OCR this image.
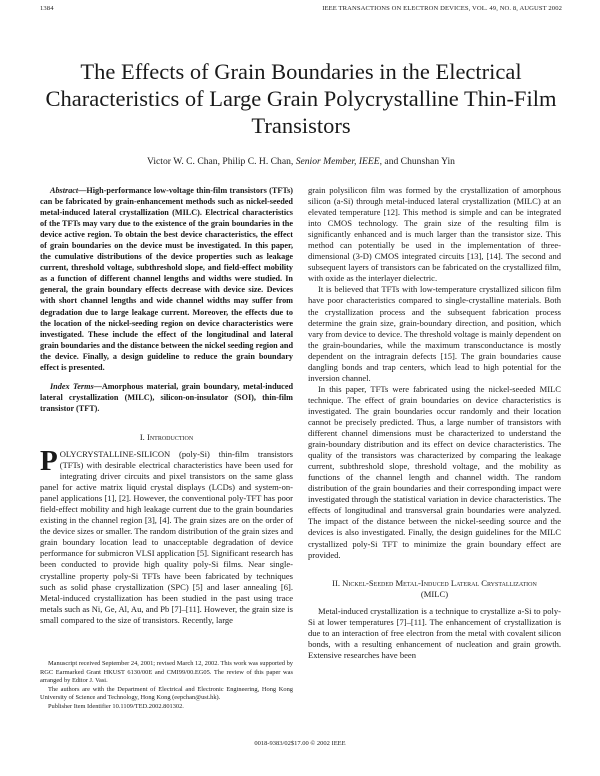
1384	IEEE TRANSACTIONS ON ELECTRON DEVICES, VOL. 49, NO. 8, AUGUST 2002
The Effects of Grain Boundaries in the Electrical Characteristics of Large Grain Polycrystalline Thin-Film Transistors
Victor W. C. Chan, Philip C. H. Chan, Senior Member, IEEE, and Chunshan Yin

Abstract—High-performance low-voltage thin-film transistors (TFTs) can be fabricated by grain-enhancement methods such as nickel-seeded metal-induced lateral crystallization (MILC). Electrical characteristics of the TFTs may vary due to the existence of the grain boundaries in the device active region. To obtain the best device characteristics, the effect of grain boundaries on the device must be investigated. In this paper, the cumulative distributions of the device properties such as leakage current, threshold voltage, subthreshold slope, and field-effect mobility as a function of different channel lengths and widths were studied. In general, the grain boundary effects decrease with device size. Devices with short channel lengths and wide channel widths may suffer from degradation due to large leakage current. Moreover, the effects due to the location of the nickel-seeding region on device characteristics were investigated. These include the effect of the longitudinal and lateral grain boundaries and the distance between the nickel seeding region and the device. Finally, a design guideline to reduce the grain boundary effect is presented.

Index Terms—Amorphous material, grain boundary, metal-induced lateral crystallization (MILC), silicon-on-insulator (SOI), thin-film transistor (TFT).

I. Introduction

POLYCRYSTALLINE-SILICON (poly-Si) thin-film transistors (TFTs) with desirable electrical characteristics have been used for integrating driver circuits and pixel transistors on the same glass panel for active matrix liquid crystal displays (LCDs) and system-on-panel applications [1], [2]. However, the conventional poly-TFT has poor field-effect mobility and high leakage current due to the grain boundaries existing in the channel region [3], [4]. The grain sizes are on the order of the device sizes or smaller. The random distribution of the grain sizes and grain boundary location lead to unacceptable degradation of device performance for submicron VLSI application [5]. Significant research has been conducted to provide high quality poly-Si films. Near single-crystalline property poly-Si TFTs have been fabricated by techniques such as solid phase crystallization (SPC) [5] and laser annealing [6]. Metal-induced crystallization has been studied in the past using trace metals such as Ni, Ge, Al, Au, and Pb [7]–[11]. However, the grain size is small compared to the size of transistors. Recently, large

grain polysilicon film was formed by the crystallization of amorphous silicon (a-Si) through metal-induced lateral crystallization (MILC) at an elevated temperature [12]. This method is simple and can be integrated into CMOS technology. The grain size of the resulting film is significantly enhanced and is much larger than the transistor size. This method can potentially be used in the implementation of three-dimensional (3-D) CMOS integrated circuits [13], [14]. The second and subsequent layers of transistors can be fabricated on the crystallized film, with oxide as the interlayer dielectric.

It is believed that TFTs with low-temperature crystallized silicon film have poor characteristics compared to single-crystalline materials. Both the crystallization process and the subsequent fabrication process determine the grain size, grain-boundary direction, and position, which vary from device to device. The threshold voltage is mainly dependent on the grain-boundaries, while the maximum transconductance is mostly dependent on the intragrain defects [15]. The grain boundaries cause dangling bonds and trap centers, which lead to high potential for the inversion channel.

In this paper, TFTs were fabricated using the nickel-seeded MILC technique. The effect of grain boundaries on device characteristics is investigated. The grain boundaries occur randomly and their location cannot be precisely predicted. Thus, a large number of transistors with different channel dimensions must be characterized to understand the grain-boundary distribution and its effect on device characteristics. The quality of the transistors was characterized by comparing the leakage current, subthreshold slope, threshold voltage, and the mobility as functions of the channel length and channel width. The random distribution of the grain boundaries and their corresponding impact were investigated through the statistical variation in device characteristics. The effects of longitudinal and transversal grain boundaries were analyzed. The impact of the distance between the nickel-seeding source and the devices is also investigated. Finally, the design guidelines for the MILC crystallized poly-Si TFT to minimize the grain boundary effect are provided.

II. Nickel-Seeded Metal-Induced Lateral Crystallization (MILC)

Metal-induced crystallization is a technique to crystallize a-Si to poly-Si at lower temperatures [7]–[11]. The enhancement of crystallization is due to an interaction of free electron from the metal with covalent silicon bonds, with a resulting enhancement of nucleation and grain growth. Extensive researches have been

Manuscript received September 24, 2001; revised March 12, 2002. This work was supported by RGC Earmarked Grant HKUST 6130/00E and CMI99/00.EG05. The review of this paper was arranged by Editor J. Vasi.

The authors are with the Department of Electrical and Electronic Engineering, Hong Kong University of Science and Technology, Hong Kong (eepchan@ust.hk).

Publisher Item Identifier 10.1109/TED.2002.801302.

0018-9383/02$17.00 © 2002 IEEE
